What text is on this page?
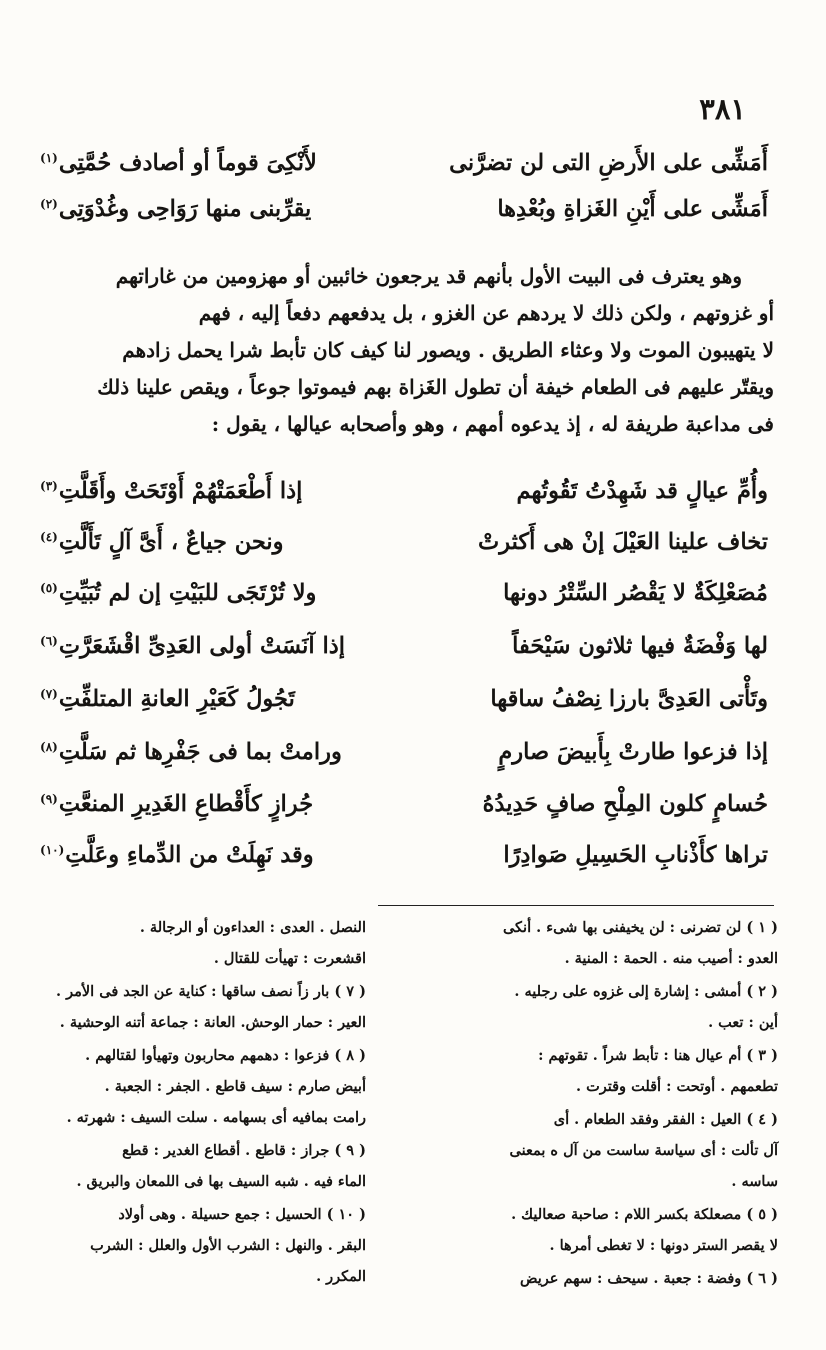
٣٨١
أَمَشِّى على الأَرضِ التى لن تضرَّنى
لأَنْكِىَ قوماً أو أصادف حُمَّتِى$^{(١)}$
أَمَشِّى على أَيْنِ الغَزاةِ وبُعْدِها
يقرِّبنى منها رَوَاحِى وغُدْوَتِى$^{(٢)}$

وهو يعترف فى البيت الأول بأنهم قد يرجعون خائبين أو مهزومين من غاراتهم

أو غزوتهم ، ولكن ذلك لا يردهم عن الغزو ، بل يدفعهم دفعاً إليه ، فهم

لا يتهيبون الموت ولا وعثاء الطريق . ويصور لنا كيف كان تأبط شرا يحمل زادهم

ويقتّر عليهم فى الطعام خيفة أن تطول الغَزاة بهم فيموتوا جوعاً ، ويقص علينا ذلك

فى مداعبة طريفة له ، إذ يدعوه أمهم ، وهو وأصحابه عيالها ، يقول :

وأُمِّ عيالٍ قد شَهِدْتُ تَقُوتُهم
إذا أَطْعَمَتْهُمْ أَوْتَحَتْ وأَقَلَّتِ$^{(٣)}$
تخاف علينا العَيْلَ إنْ هى أَكثرتْ
ونحن جياعٌ ، أَىَّ آلٍ تَأَلَّتِ$^{(٤)}$
مُصَعْلِكَةٌ لا يَقْصُر السِّتْرُ دونها
ولا تُرْتَجَى للبَيْتِ إن لم تُبَيِّتِ$^{(٥)}$
لها وَفْضَةٌ فيها ثلاثون سَيْحَفاً
إذا آنَسَتْ أولى العَدِىِّ اقْشَعَرَّتِ$^{(٦)}$
وتَأْتى العَدِىَّ بارزا نِصْفُ ساقها
تَجُولُ كَعَيْرِ العانةِ المتلفِّتِ$^{(٧)}$
إذا فزعوا طارتْ بِأَبيضَ صارمٍ
ورامتْ بما فى جَفْرِها ثم سَلَّتِ$^{(٨)}$
حُسامٍ كلون المِلْحِ صافٍ حَدِيدُهُ
جُرازٍ كأَقْطاعِ الغَدِيرِ المنعَّتِ$^{(٩)}$
تراها كأَذْنابِ الحَسِيلِ صَوادِرًا
وقد نَهِلَتْ من الدِّماءِ وعَلَّتِ$^{(١٠)}$
( ١ ) لن تضرنى : لن يخيفنى بها شىء . أنكى
العدو : أصيب منه . الحمة : المنية .
( ٢ ) أمشى : إشارة إلى غزوه على رجليه .
أين : تعب .
( ٣ ) أم عيال هنا : تأبط شراً . تقوتهم :
تطعمهم . أوتحت : أقلت وقترت .
( ٤ ) العيل : الفقر وفقد الطعام . أى
آل تألت : أى سياسة ساست من آل ه بمعنى
ساسه .
( ٥ ) مصعلكة بكسر اللام : صاحبة صعاليك .
لا يقصر الستر دونها : لا تغطى أمرها .
( ٦ ) وفضة : جعبة . سيحف : سهم عريض
النصل . العدى : العداءون أو الرجالة .
اقشعرت : تهيأت للقتال .
( ٧ ) بار زاً نصف ساقها : كناية عن الجد فى الأمر .
العير : حمار الوحش. العانة : جماعة أتنه الوحشية .
( ٨ ) فزعوا : دهمهم محاربون وتهيأوا لقتالهم .
أبيض صارم : سيف قاطع . الجفر : الجعبة .
رامت بمافيه أى بسهامه . سلت السيف : شهرته .
( ٩ ) جراز : قاطع . أقطاع الغدير : قطع
الماء فيه . شبه السيف بها فى اللمعان والبريق .
( ١٠ ) الحسيل : جمع حسيلة . وهى أولاد
البقر . والنهل : الشرب الأول والعلل : الشرب
المكرر .
